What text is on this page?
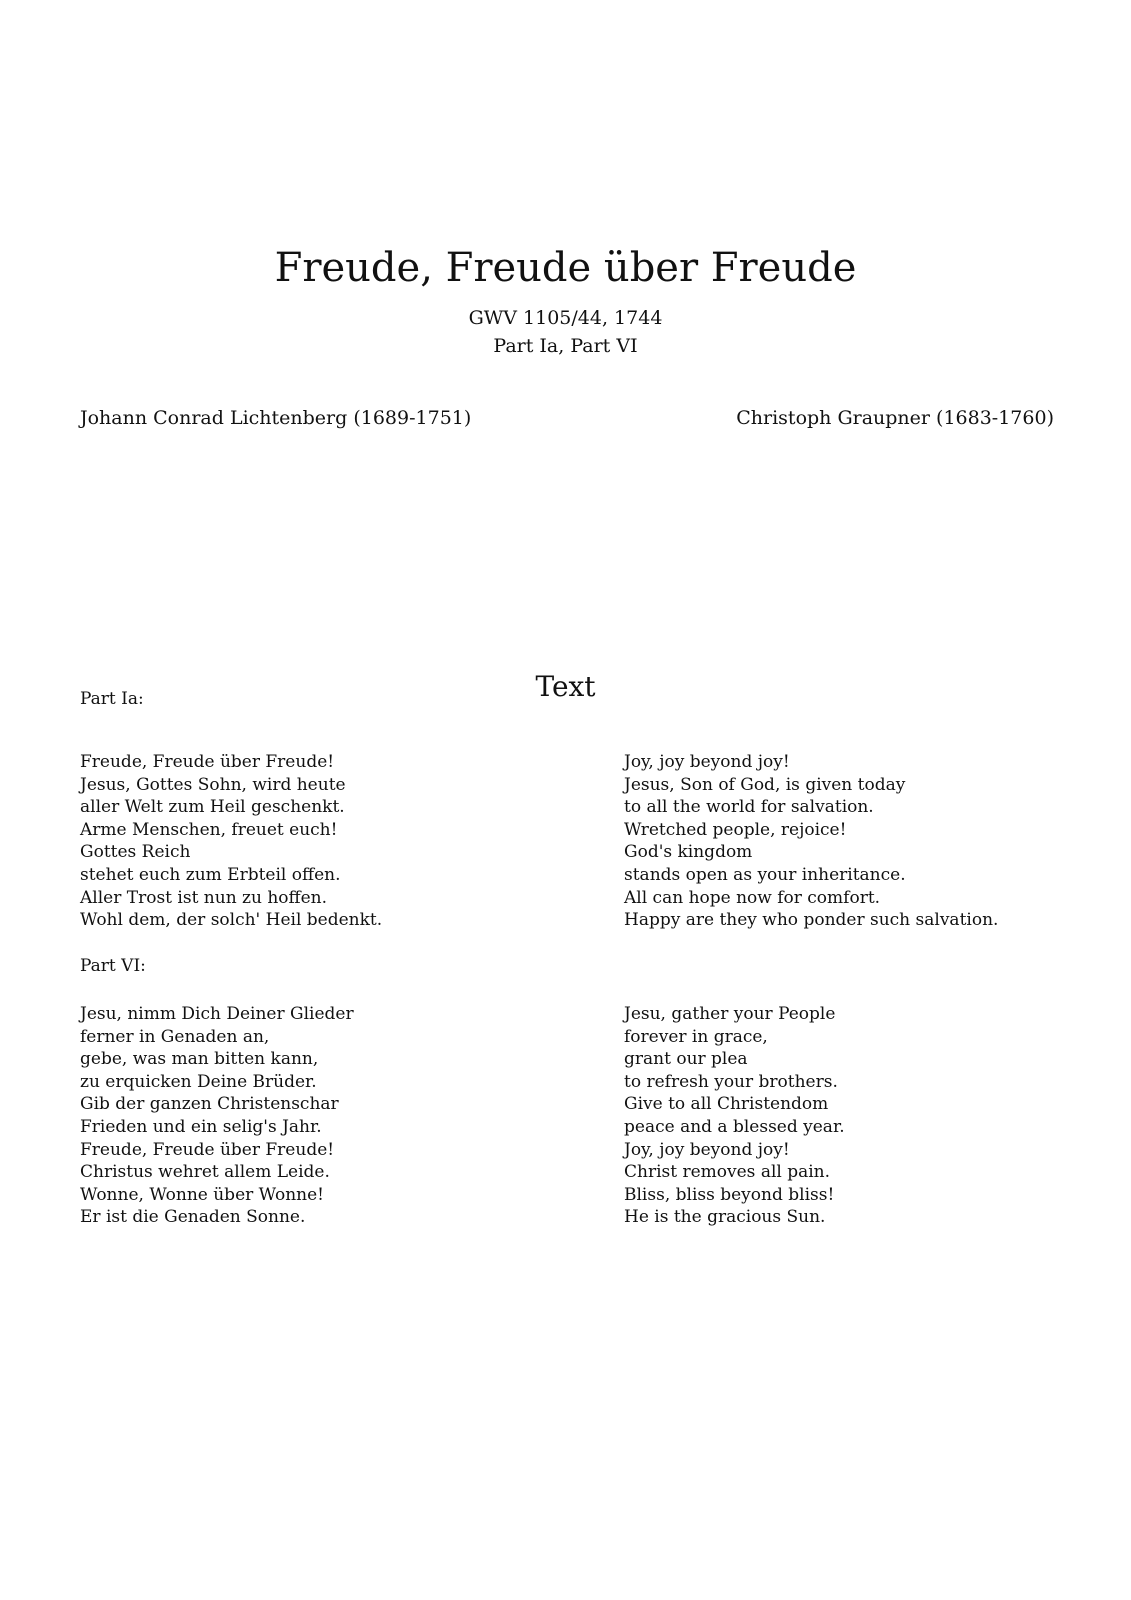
Freude, Freude über Freude
GWV 1105/44, 1744
Part Ia, Part VI
Johann Conrad Lichtenberg (1689-1751)	Christoph Graupner (1683-1760)
Text
Part Ia:
Freude, Freude über Freude!
Jesus, Gottes Sohn, wird heute
aller Welt zum Heil geschenkt.
Arme Menschen, freuet euch!
Gottes Reich
stehet euch zum Erbteil offen.
Aller Trost ist nun zu hoffen.
Wohl dem, der solch' Heil bedenkt.
Joy, joy beyond joy!
Jesus, Son of God, is given today
to all the world for salvation.
Wretched people, rejoice!
God's kingdom
stands open as your inheritance.
All can hope now for comfort.
Happy are they who ponder such salvation.
Part VI:
Jesu, nimm Dich Deiner Glieder
ferner in Genaden an,
gebe, was man bitten kann,
zu erquicken Deine Brüder.
Gib der ganzen Christenschar
Frieden und ein selig's Jahr.
Freude, Freude über Freude!
Christus wehret allem Leide.
Wonne, Wonne über Wonne!
Er ist die Genaden Sonne.
Jesu, gather your People
forever in grace,
grant our plea
to refresh your brothers.
Give to all Christendom
peace and a blessed year.
Joy, joy beyond joy!
Christ removes all pain.
Bliss, bliss beyond bliss!
He is the gracious Sun.
